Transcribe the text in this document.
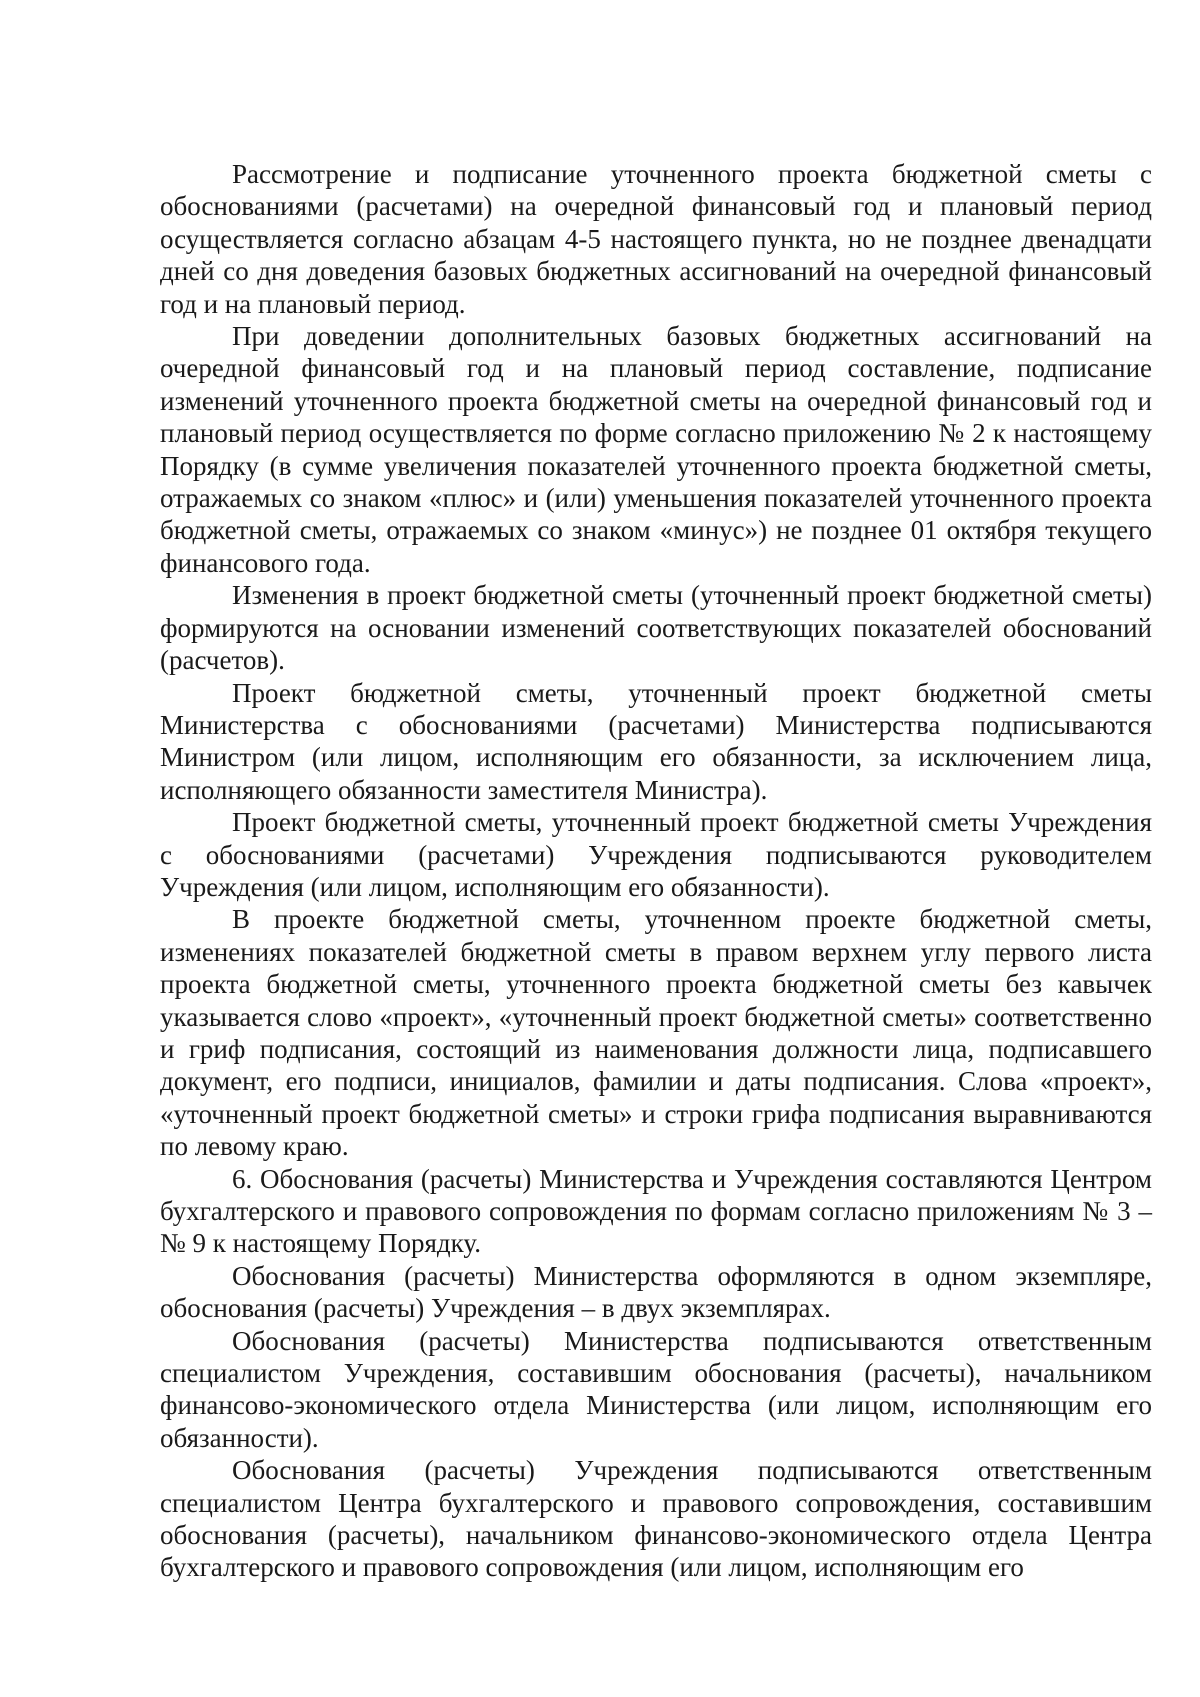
Рассмотрение и подписание уточненного проекта бюджетной сметы с обоснованиями (расчетами) на очередной финансовый год и плановый период осуществляется согласно абзацам 4-5 настоящего пункта, но не позднее двенадцати дней со дня доведения базовых бюджетных ассигнований на очередной финансовый год и на плановый период.

При доведении дополнительных базовых бюджетных ассигнований на очередной финансовый год и на плановый период составление, подписание изменений уточненного проекта бюджетной сметы на очередной финансовый год и плановый период осуществляется по форме согласно приложению № 2 к настоящему Порядку (в сумме увеличения показателей уточненного проекта бюджетной сметы, отражаемых со знаком «плюс» и (или) уменьшения показателей уточненного проекта бюджетной сметы, отражаемых со знаком «минус») не позднее 01 октября текущего финансового года.

Изменения в проект бюджетной сметы (уточненный проект бюджетной сметы) формируются на основании изменений соответствующих показателей обоснований (расчетов).

Проект бюджетной сметы, уточненный проект бюджетной сметы Министерства с обоснованиями (расчетами) Министерства подписываются Министром (или лицом, исполняющим его обязанности, за исключением лица, исполняющего обязанности заместителя Министра).

Проект бюджетной сметы, уточненный проект бюджетной сметы Учреждения с обоснованиями (расчетами) Учреждения подписываются руководителем Учреждения (или лицом, исполняющим его обязанности).

В проекте бюджетной сметы, уточненном проекте бюджетной сметы, изменениях показателей бюджетной сметы в правом верхнем углу первого листа проекта бюджетной сметы, уточненного проекта бюджетной сметы без кавычек указывается слово «проект», «уточненный проект бюджетной сметы» соответственно и гриф подписания, состоящий из наименования должности лица, подписавшего документ, его подписи, инициалов, фамилии и даты подписания. Слова «проект», «уточненный проект бюджетной сметы» и строки грифа подписания выравниваются по левому краю.

6. Обоснования (расчеты) Министерства и Учреждения составляются Центром бухгалтерского и правового сопровождения по формам согласно приложениям № 3 – № 9 к настоящему Порядку.

Обоснования (расчеты) Министерства оформляются в одном экземпляре, обоснования (расчеты) Учреждения – в двух экземплярах.

Обоснования (расчеты) Министерства подписываются ответственным специалистом Учреждения, составившим обоснования (расчеты), начальником финансово-экономического отдела Министерства (или лицом, исполняющим его обязанности).

Обоснования (расчеты) Учреждения подписываются ответственным специалистом Центра бухгалтерского и правового сопровождения, составившим обоснования (расчеты), начальником финансово-экономического отдела Центра бухгалтерского и правового сопровождения (или лицом, исполняющим его
